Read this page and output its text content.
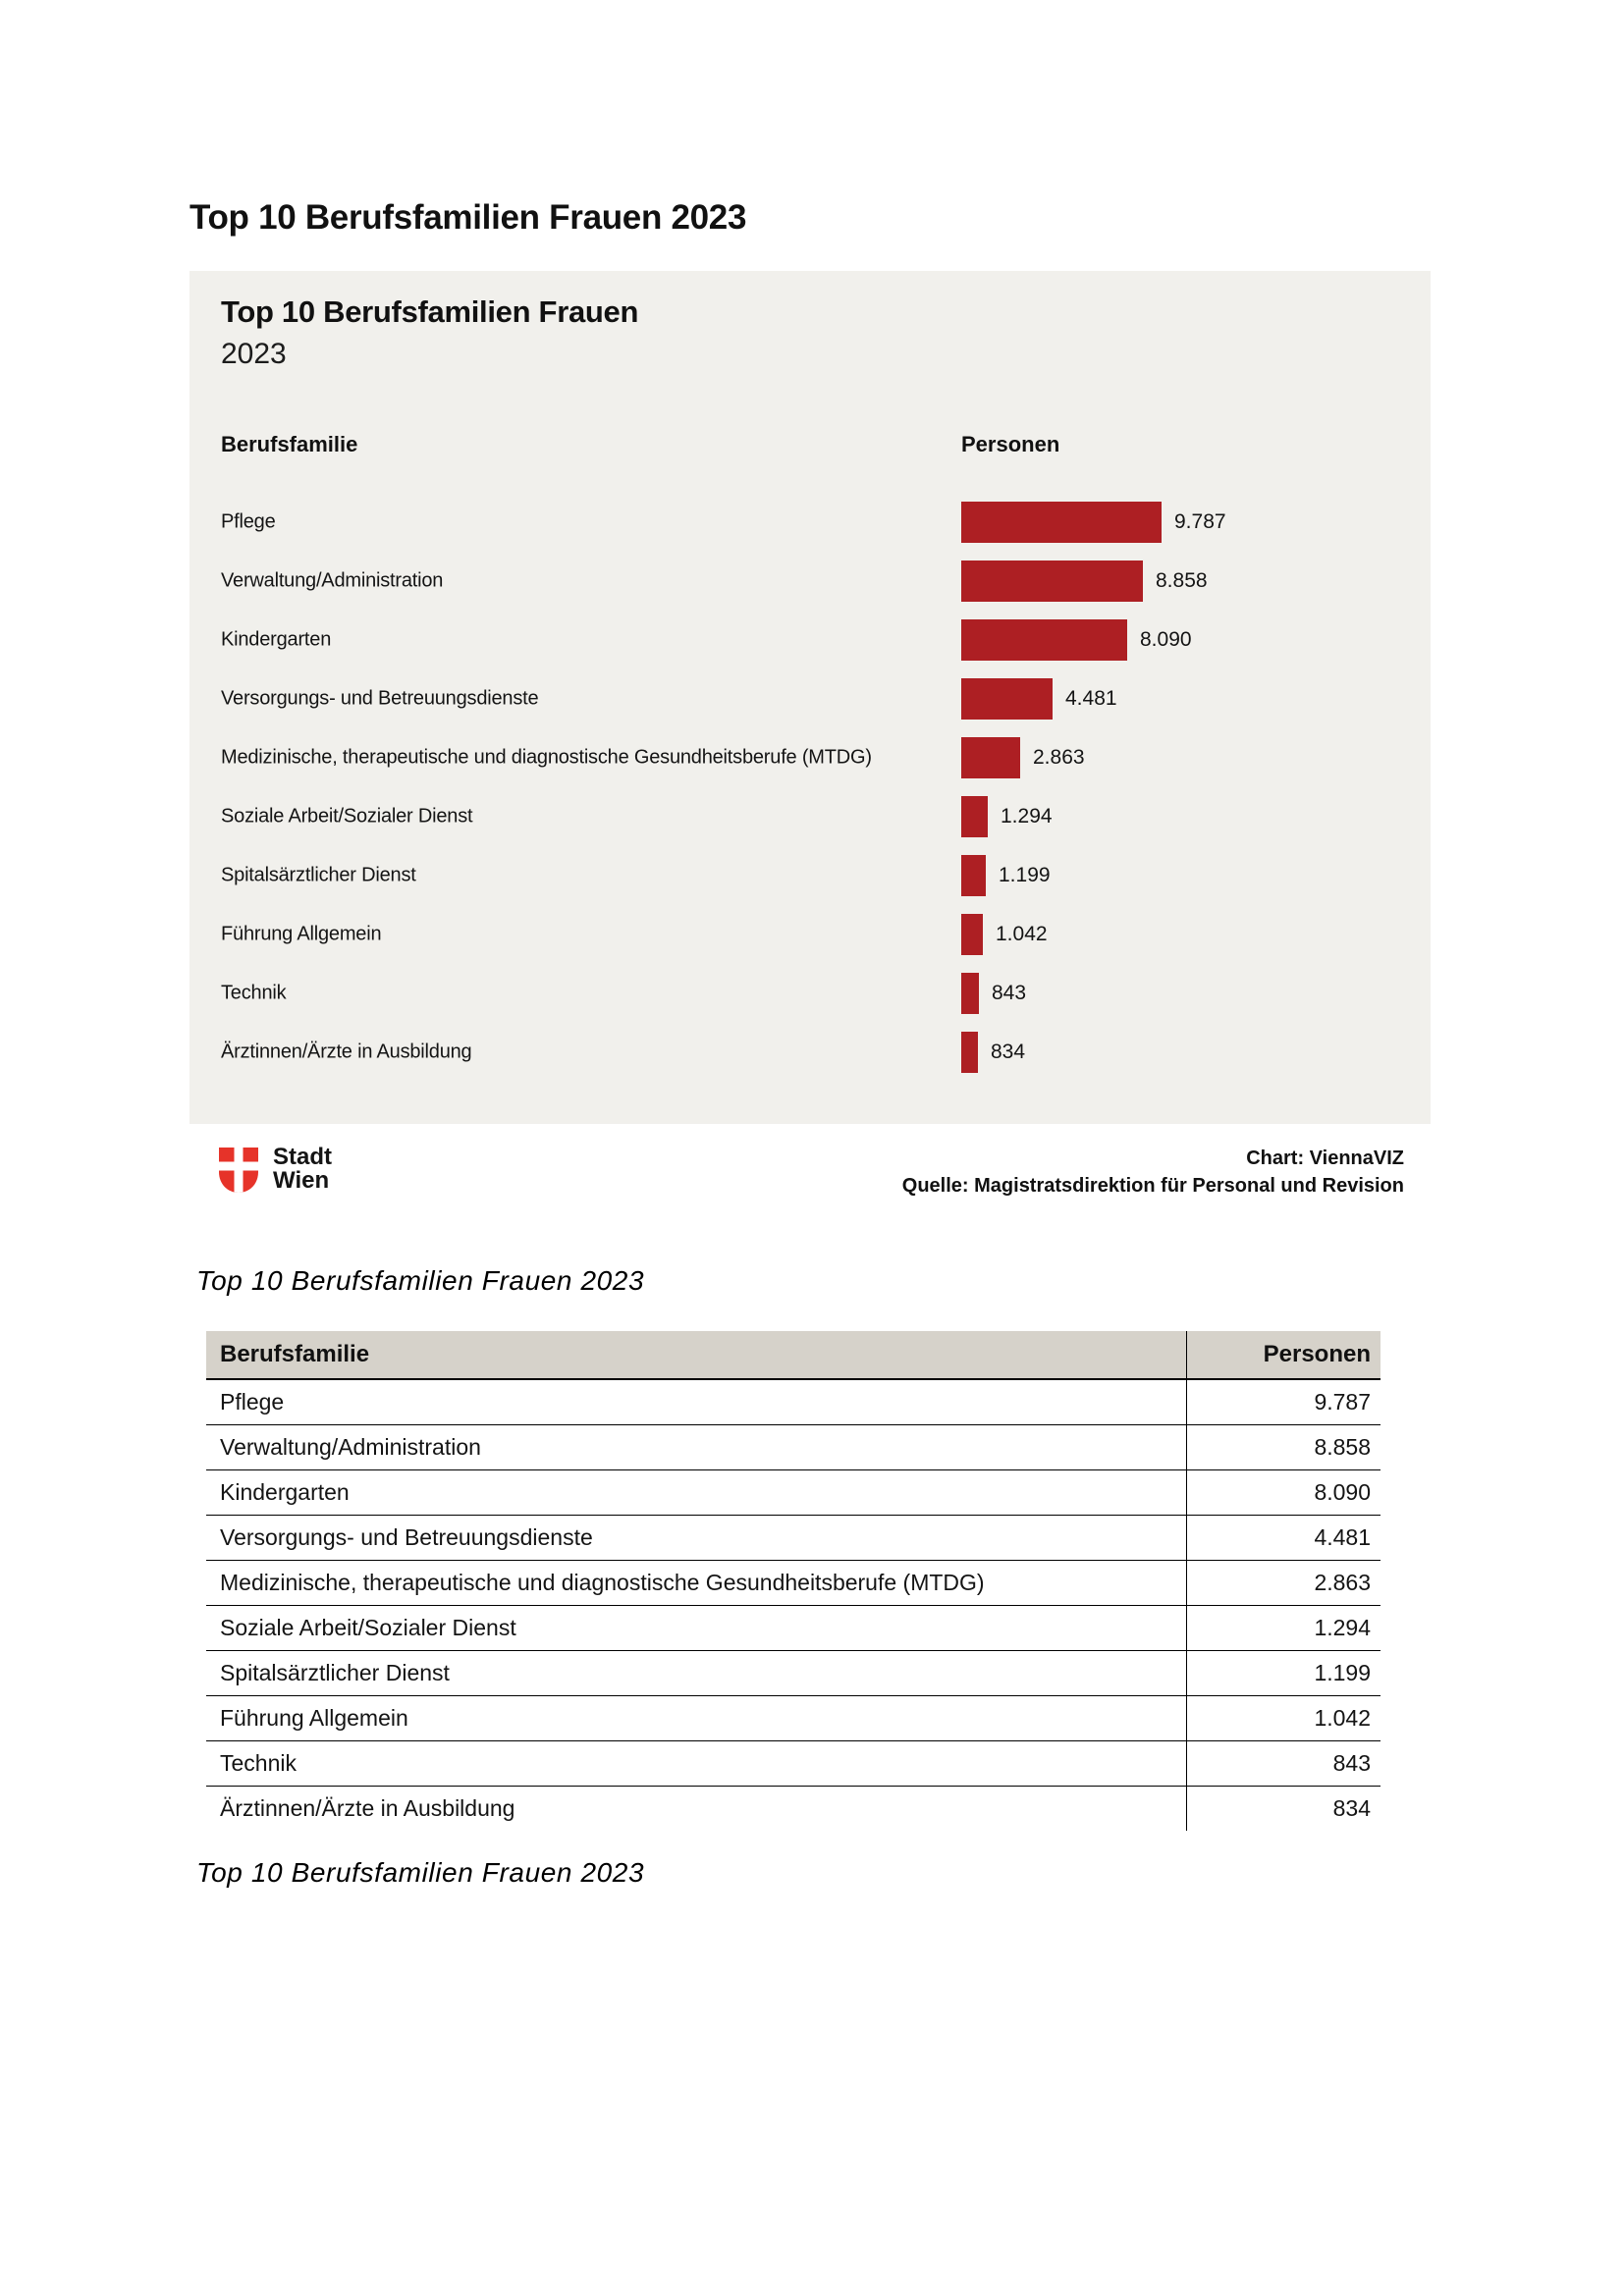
Top 10 Berufsfamilien Frauen 2023
Top 10 Berufsfamilien Frauen
2023
Berufsfamilie	Personen
Pflege	9.787
Verwaltung/Administration	8.858
Kindergarten	8.090
Versorgungs- und Betreuungsdienste	4.481
Medizinische, therapeutische und diagnostische Gesundheitsberufe (MTDG)	2.863
Soziale Arbeit/Sozialer Dienst	1.294
Spitalsärztlicher Dienst	1.199
Führung Allgemein	1.042
Technik	843
Ärztinnen/Ärzte in Ausbildung	834
Stadt
Wien
Chart: ViennaVIZ
Quelle: Magistratsdirektion für Personal und Revision

Top 10 Berufsfamilien Frauen 2023

Berufsfamilie	Personen
Pflege	9.787
Verwaltung/Administration	8.858
Kindergarten	8.090
Versorgungs- und Betreuungsdienste	4.481
Medizinische, therapeutische und diagnostische Gesundheitsberufe (MTDG)	2.863
Soziale Arbeit/Sozialer Dienst	1.294
Spitalsärztlicher Dienst	1.199
Führung Allgemein	1.042
Technik	843
Ärztinnen/Ärzte in Ausbildung	834

Top 10 Berufsfamilien Frauen 2023
